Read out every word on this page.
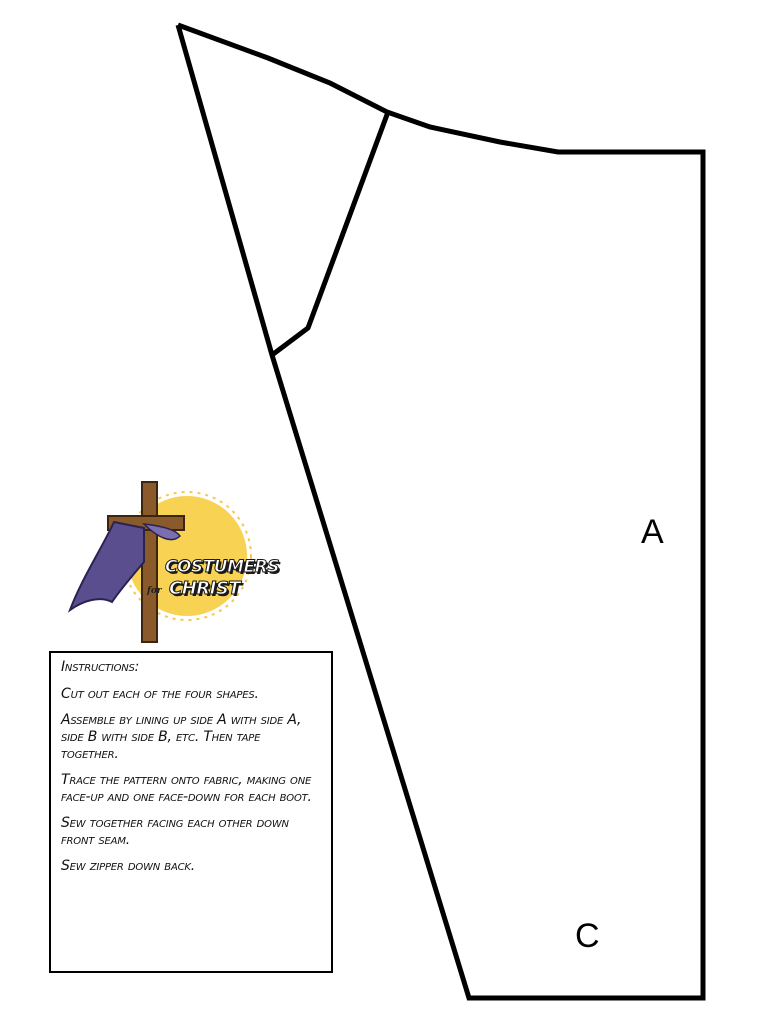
A
C
COSTUMERS
for CHRIST

Instructions:

Cut out each of the four shapes.

Assemble by lining up side A with side A, side B with side B, etc. Then tape together.

Trace the pattern onto fabric, making one face-up and one face-down for each boot.

Sew together facing each other down front seam.

Sew zipper down back.
